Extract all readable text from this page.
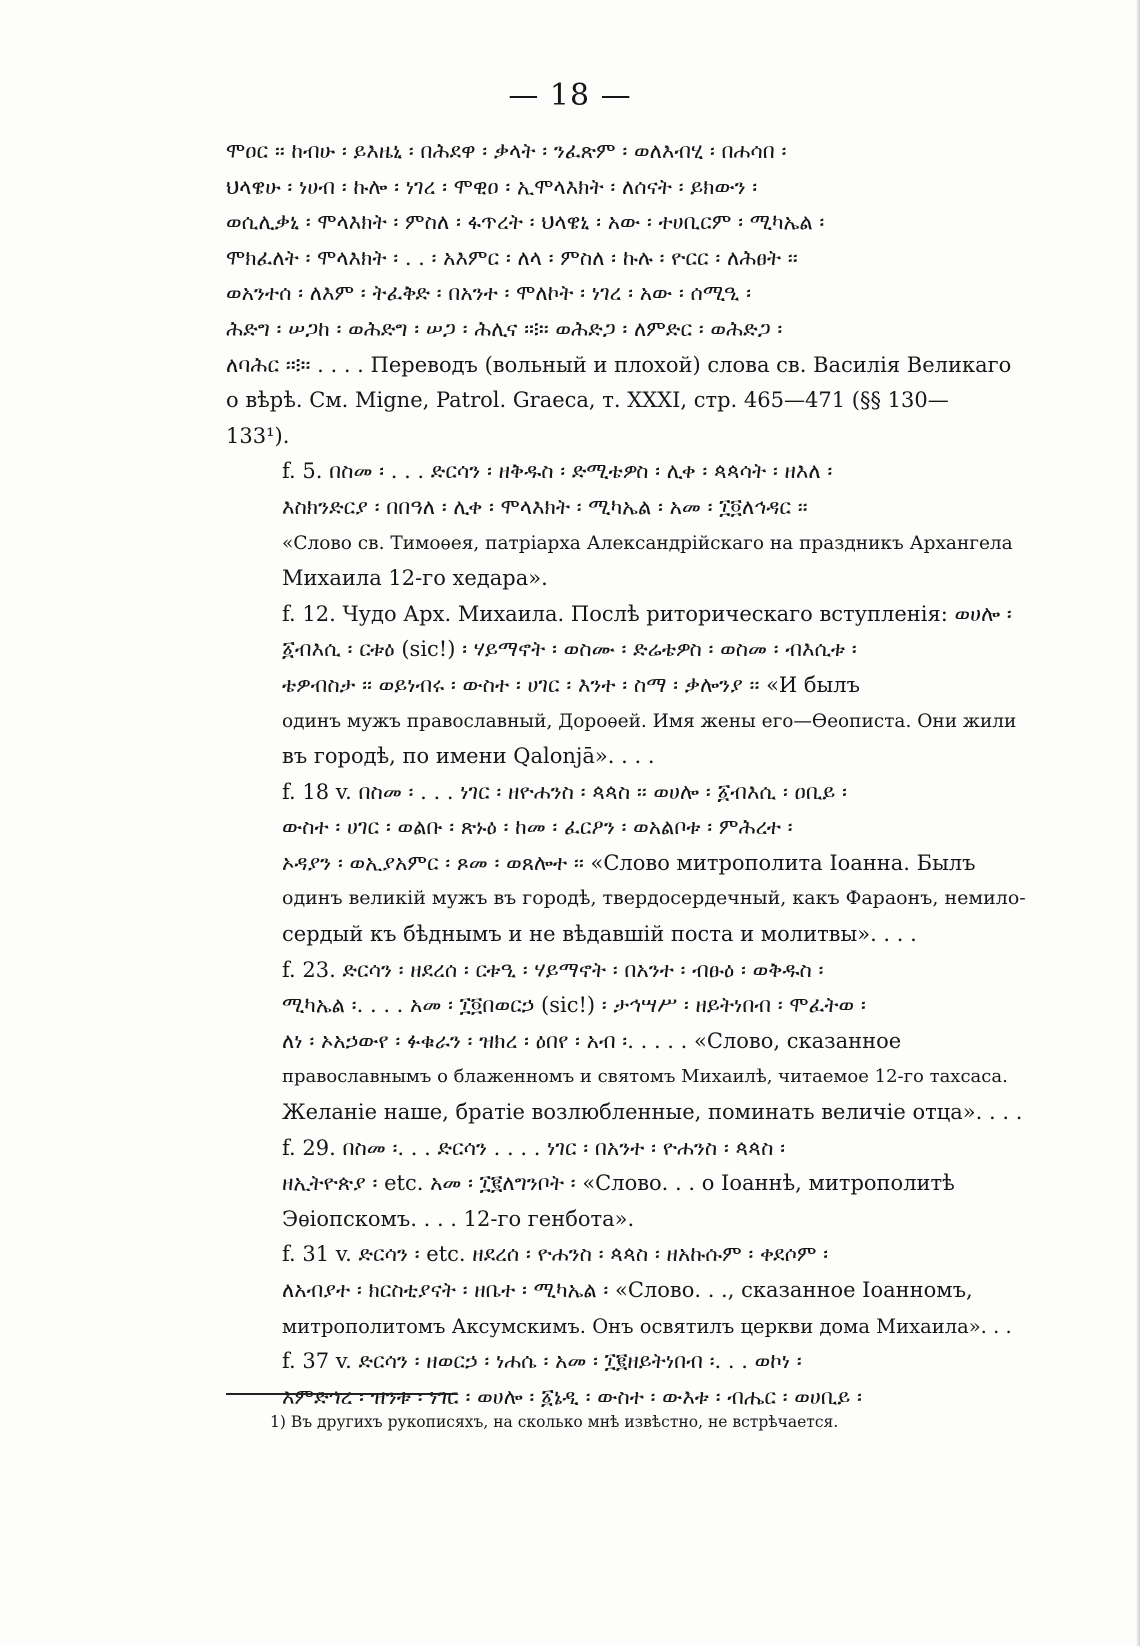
— 18 —

ሞዐር ፡፡ ከብሁ ፡ ይእዜኒ ፡ በሕደዋ ፡ ቃላት ፡ ንፈጽም ፡ ወለእብሂ ፡ በሐሳበ ፡
ህላዌሁ ፡ ነሀብ ፡ ኩሎ ፡ ነገረ ፡ ሞዊዐ ፡ ኢሞላእክት ፡ ለሰናት ፡ ይክውን ፡
ወሲሊቃኒ ፡ ሞላእክት ፡ ምስለ ፡ ፋጥረት ፡ ህላዌኒ ፡ አው ፡ ተሀቢርም ፡ ሚካኤል ፡
ሞክፈለት ፡ ሞላእክት ፡ . . ፡ አእምር ፡ ለላ ፡ ምስለ ፡ ኩሉ ፡ ዮርር ፡ ለሕፀት ፡፡
ወአንተሰ ፡ ለእም ፡ ትፈቅድ ፡ በአንተ ፡ ሞለኮት ፡ ነገረ ፡ አው ፡ ሰሚዒ ፡
ሕድግ ፡ ሠጋከ ፡ ወሕድግ ፡ ሠጋ ፡ ሕሊና ፡፨፡ ወሕድጋ ፡ ለምድር ፡ ወሕድጋ ፡
ለባሕር ፡፨፡ . . . . Переводъ (вольный и плохой) слова св. Василія Великаго
о вѣрѣ. См. Migne, Patrol. Graeca, т. XXXI, стр. 465—471 (§§ 130—
133¹).

f. 5. በስመ ፡ . . . ድርሳን ፡ ዘቅዱስ ፡ ድሚቴዎስ ፡ ሊቀ ፡ ጳጳሳት ፡ ዘእለ ፡
እስክንድርያ ፡ በበዓለ ፡ ሊቀ ፡ ሞላእክት ፡ ሚካኤል ፡ አመ ፡ ፲፬ለኅዳር ፡፡
«Слово св. Тимоѳея, патріарха Александрійскаго на праздникъ Архангела
Михаила 12-го хедара».

f. 12. Чудо Арх. Михаила. Послѣ риторическаго вступленія: ወሀሎ ፡
፩ብእሲ ፡ ርቱዕ (sic!) ፡ ሃይማኖት ፡ ወስሙ ፡ ድሬቴዎስ ፡ ወስመ ፡ ብእሲቱ ፡
ቴዎብስታ ፡፡ ወይነብሩ ፡ ውስተ ፡ ሀገር ፡ እንተ ፡ ስማ ፡ ቃሎንያ ፡፡ «И былъ
одинъ мужъ православный, Дороѳей. Имя жены его—Ѳеописта. Они жили
въ городѣ, по имени Qalonjā». . . .

f. 18 v. በስመ ፡ . . . ነገር ፡ ዘዮሐንስ ፡ ጳጳስ ፡፡ ወሀሎ ፡ ፩ብእሲ ፡ ዐቢይ ፡
ውስተ ፡ ሀገር ፡ ወልቡ ፡ ጽኑዕ ፡ ከመ ፡ ፈርዖን ፡ ወአልቦቱ ፡ ምሕረተ ፡
ኦዳያን ፡ ወኢያአምር ፡ ጾመ ፡ ወጸሎተ ፡፡ «Слово митрополита Іоанна. Былъ
одинъ великій мужъ въ городѣ, твердосердечный, какъ Фараонъ, немило-
сердый къ бѣднымъ и не вѣдавшій поста и молитвы». . . .

f. 23. ድርሳን ፡ ዘደረሰ ፡ ርቱዒ ፡ ሃይማኖት ፡ በአንተ ፡ ብፁዕ ፡ ወቅዱስ ፡
ሚካኤል ፡. . . . አመ ፡ ፲፬በወርኃ (sic!) ፡ ታኅሣሥ ፡ ዘይትነበብ ፡ ሞፈትወ ፡
ለነ ፡ ኦአኃውየ ፡ ፉቁራን ፡ ዝክረ ፡ ዕበየ ፡ አብ ፡. . . . . «Слово, сказанное
православнымъ о блаженномъ и святомъ Михаилѣ, читаемое 12-го тахсаса.
Желаніе наше, братіе возлюбленные, поминать величіе отца». . . .

f. 29. በስመ ፡. . . ድርሳን . . . . ነገር ፡ በአንተ ፡ ዮሐንስ ፡ ጳጳስ ፡
ዘኢትዮጵያ ፡ etc. አመ ፡ ፲፪ለግንቦት ፡ «Слово. . . о Іоаннѣ, митрополитѣ
Эѳіопскомъ. . . . 12-го генбота».

f. 31 v. ድርሳን ፡ etc. ዘደረሰ ፡ ዮሐንስ ፡ ጳጳስ ፡ ዘአኩሱም ፡ ቀደሶም ፡
ለአብያተ ፡ ክርስቲያናት ፡ ዘቤተ ፡ ሚካኤል ፡ «Слово. . ., сказанное Іоанномъ,
митрополитомъ Аксумскимъ. Онъ освятилъ церкви дома Михаила». . .

f. 37 v. ድርሳን ፡ ዘወርኃ ፡ ነሐሴ ፡ አመ ፡ ፲፪ዘይትነበብ ፡. . . ወኮነ ፡
እምድኅረ ፡ ዝንቱ ፡ ነገር ፡ ወሀሎ ፡ ፩ኔዲ ፡ ውስተ ፡ ውእቱ ፡ ብሔር ፡ ወሀቢይ ፡

1) Въ другихъ рукописяхъ, на сколько мнѣ извѣстно, не встрѣчается.
